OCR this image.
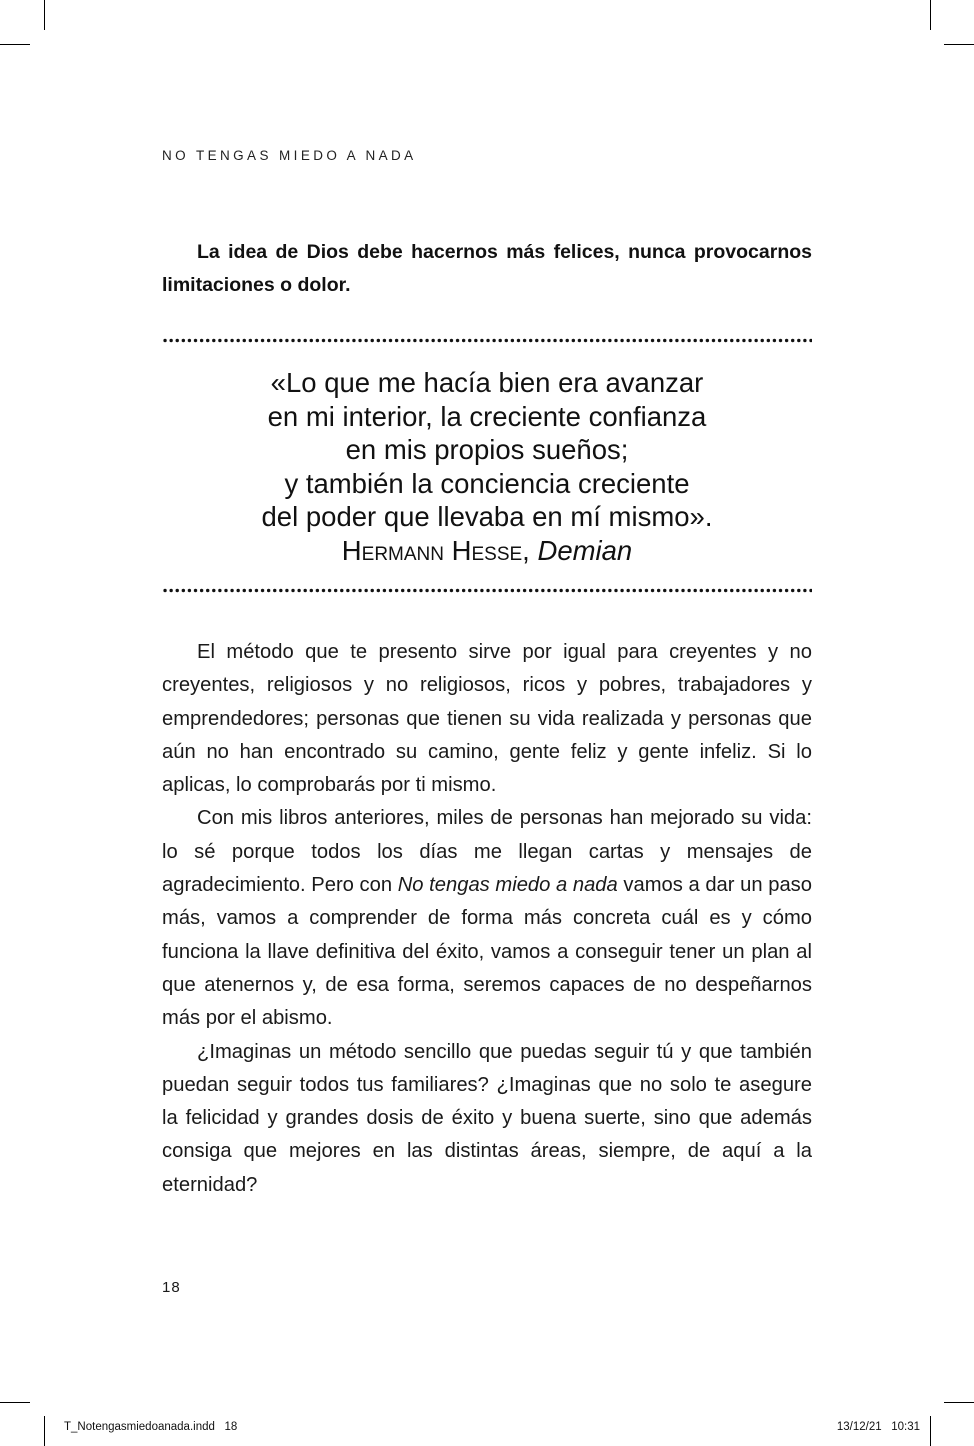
NO TENGAS MIEDO A NADA

La idea de Dios debe hacernos más felices, nunca provocarnos limitaciones o dolor.

«Lo que me hacía bien era avanzar
en mi interior, la creciente confianza
en mis propios sueños;
y también la conciencia creciente
del poder que llevaba en mí mismo».
Hermann Hesse, Demian

El método que te presento sirve por igual para creyentes y no creyentes, religiosos y no religiosos, ricos y pobres, trabajadores y emprendedores; personas que tienen su vida realizada y personas que aún no han encontrado su camino, gente feliz y gente infeliz. Si lo aplicas, lo comprobarás por ti mismo.

Con mis libros anteriores, miles de personas han mejorado su vida: lo sé porque todos los días me llegan cartas y mensajes de agradecimiento. Pero con No tengas miedo a nada vamos a dar un paso más, vamos a comprender de forma más concreta cuál es y cómo funciona la llave definitiva del éxito, vamos a conseguir tener un plan al que atenernos y, de esa forma, seremos capaces de no despeñarnos más por el abismo.

¿Imaginas un método sencillo que puedas seguir tú y que también puedan seguir todos tus familiares? ¿Imaginas que no solo te asegure la felicidad y grandes dosis de éxito y buena suerte, sino que además consiga que mejores en las distintas áreas, siempre, de aquí a la eternidad?

18
T_Notengasmiedoanada.indd   18	13/12/21   10:31
